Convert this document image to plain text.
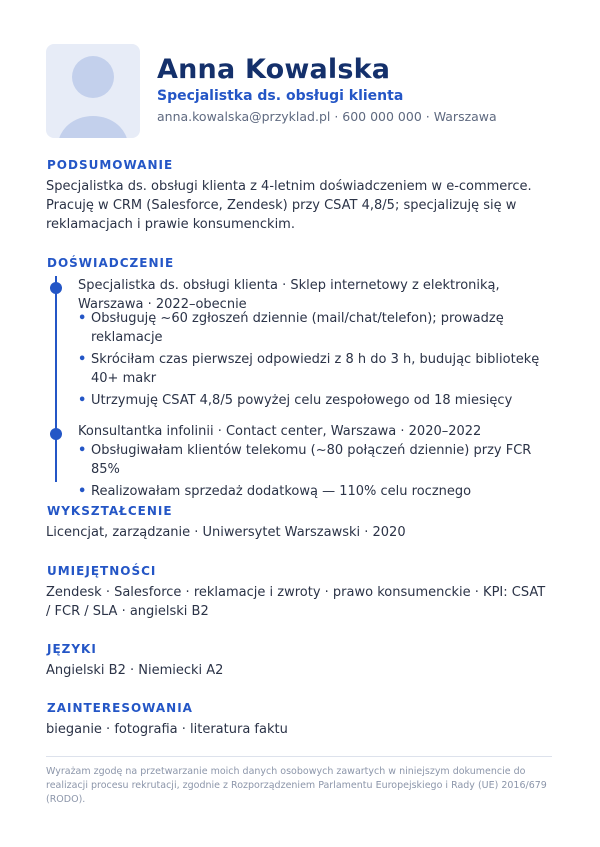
Anna Kowalska
Specjalistka ds. obsługi klienta
anna.kowalska@przyklad.pl · 600 000 000 · Warszawa
PODSUMOWANIE

Specjalistka ds. obsługi klienta z 4-letnim doświadczeniem w e-commerce. Pracuję w CRM (Salesforce, Zendesk) przy CSAT 4,8/5; specjalizuję się w reklamacjach i prawie konsumenckim.

DOŚWIADCZENIE

Specjalistka ds. obsługi klienta · Sklep internetowy z elektroniką, Warszawa · 2022–obecnie

• Obsługuję ~60 zgłoszeń dziennie (mail/chat/telefon); prowadzę reklamacje
• Skróciłam czas pierwszej odpowiedzi z 8 h do 3 h, budując bibliotekę 40+ makr
• Utrzymuję CSAT 4,8/5 powyżej celu zespołowego od 18 miesięcy

Konsultantka infolinii · Contact center, Warszawa · 2020–2022

• Obsługiwałam klientów telekomu (~80 połączeń dziennie) przy FCR 85%
• Realizowałam sprzedaż dodatkową — 110% celu rocznego
WYKSZTAŁCENIE

Licencjat, zarządzanie · Uniwersytet Warszawski · 2020

UMIEJĘTNOŚCI

Zendesk · Salesforce · reklamacje i zwroty · prawo konsumenckie · KPI: CSAT / FCR / SLA · angielski B2

JĘZYKI

Angielski B2 · Niemiecki A2

ZAINTERESOWANIA

bieganie · fotografia · literatura faktu

Wyrażam zgodę na przetwarzanie moich danych osobowych zawartych w niniejszym dokumencie do realizacji procesu rekrutacji, zgodnie z Rozporządzeniem Parlamentu Europejskiego i Rady (UE) 2016/679 (RODO).
